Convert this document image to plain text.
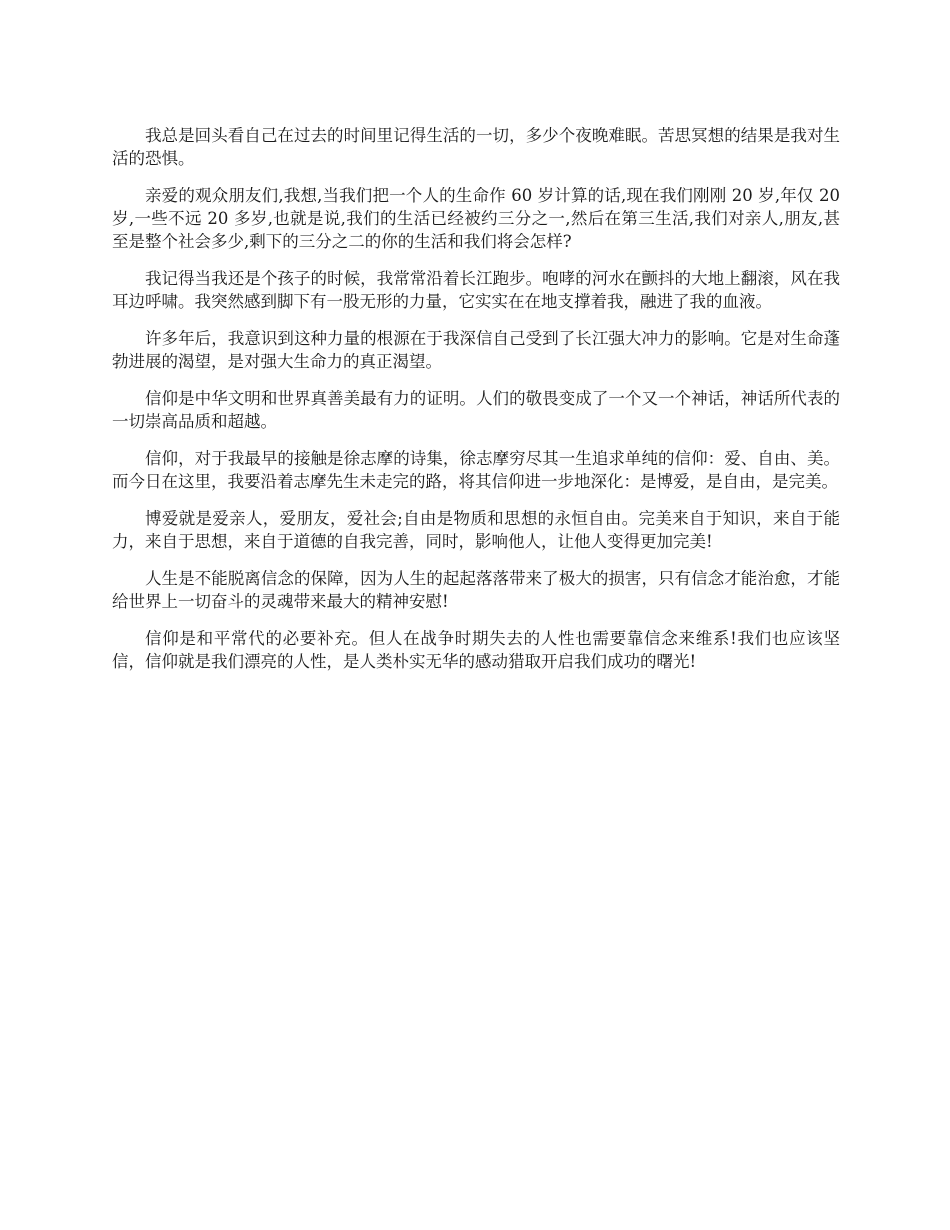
我总是回头看自己在过去的时间里记得生活的一切，多少个夜晚难眠。苦思冥想的结果是我对生活的恐惧。

亲爱的观众朋友们,我想,当我们把一个人的生命作 60 岁计算的话,现在我们刚刚 20 岁,年仅 20 岁,一些不远 20 多岁,也就是说,我们的生活已经被约三分之一,然后在第三生活,我们对亲人,朋友,甚至是整个社会多少,剩下的三分之二的你的生活和我们将会怎样?

我记得当我还是个孩子的时候，我常常沿着长江跑步。咆哮的河水在颤抖的大地上翻滚，风在我耳边呼啸。我突然感到脚下有一股无形的力量，它实实在在地支撑着我，融进了我的血液。

许多年后，我意识到这种力量的根源在于我深信自己受到了长江强大冲力的影响。它是对生命蓬勃进展的渴望，是对强大生命力的真正渴望。

信仰是中华文明和世界真善美最有力的证明。人们的敬畏变成了一个又一个神话，神话所代表的一切崇高品质和超越。

信仰，对于我最早的接触是徐志摩的诗集，徐志摩穷尽其一生追求单纯的信仰：爱、自由、美。而今日在这里，我要沿着志摩先生未走完的路，将其信仰进一步地深化：是博爱，是自由，是完美。

博爱就是爱亲人，爱朋友，爱社会;自由是物质和思想的永恒自由。完美来自于知识，来自于能力，来自于思想，来自于道德的自我完善，同时，影响他人，让他人变得更加完美!

人生是不能脱离信念的保障，因为人生的起起落落带来了极大的损害，只有信念才能治愈，才能给世界上一切奋斗的灵魂带来最大的精神安慰!

信仰是和平常代的必要补充。但人在战争时期失去的人性也需要靠信念来维系!我们也应该坚信，信仰就是我们漂亮的人性，是人类朴实无华的感动猎取开启我们成功的曙光!
